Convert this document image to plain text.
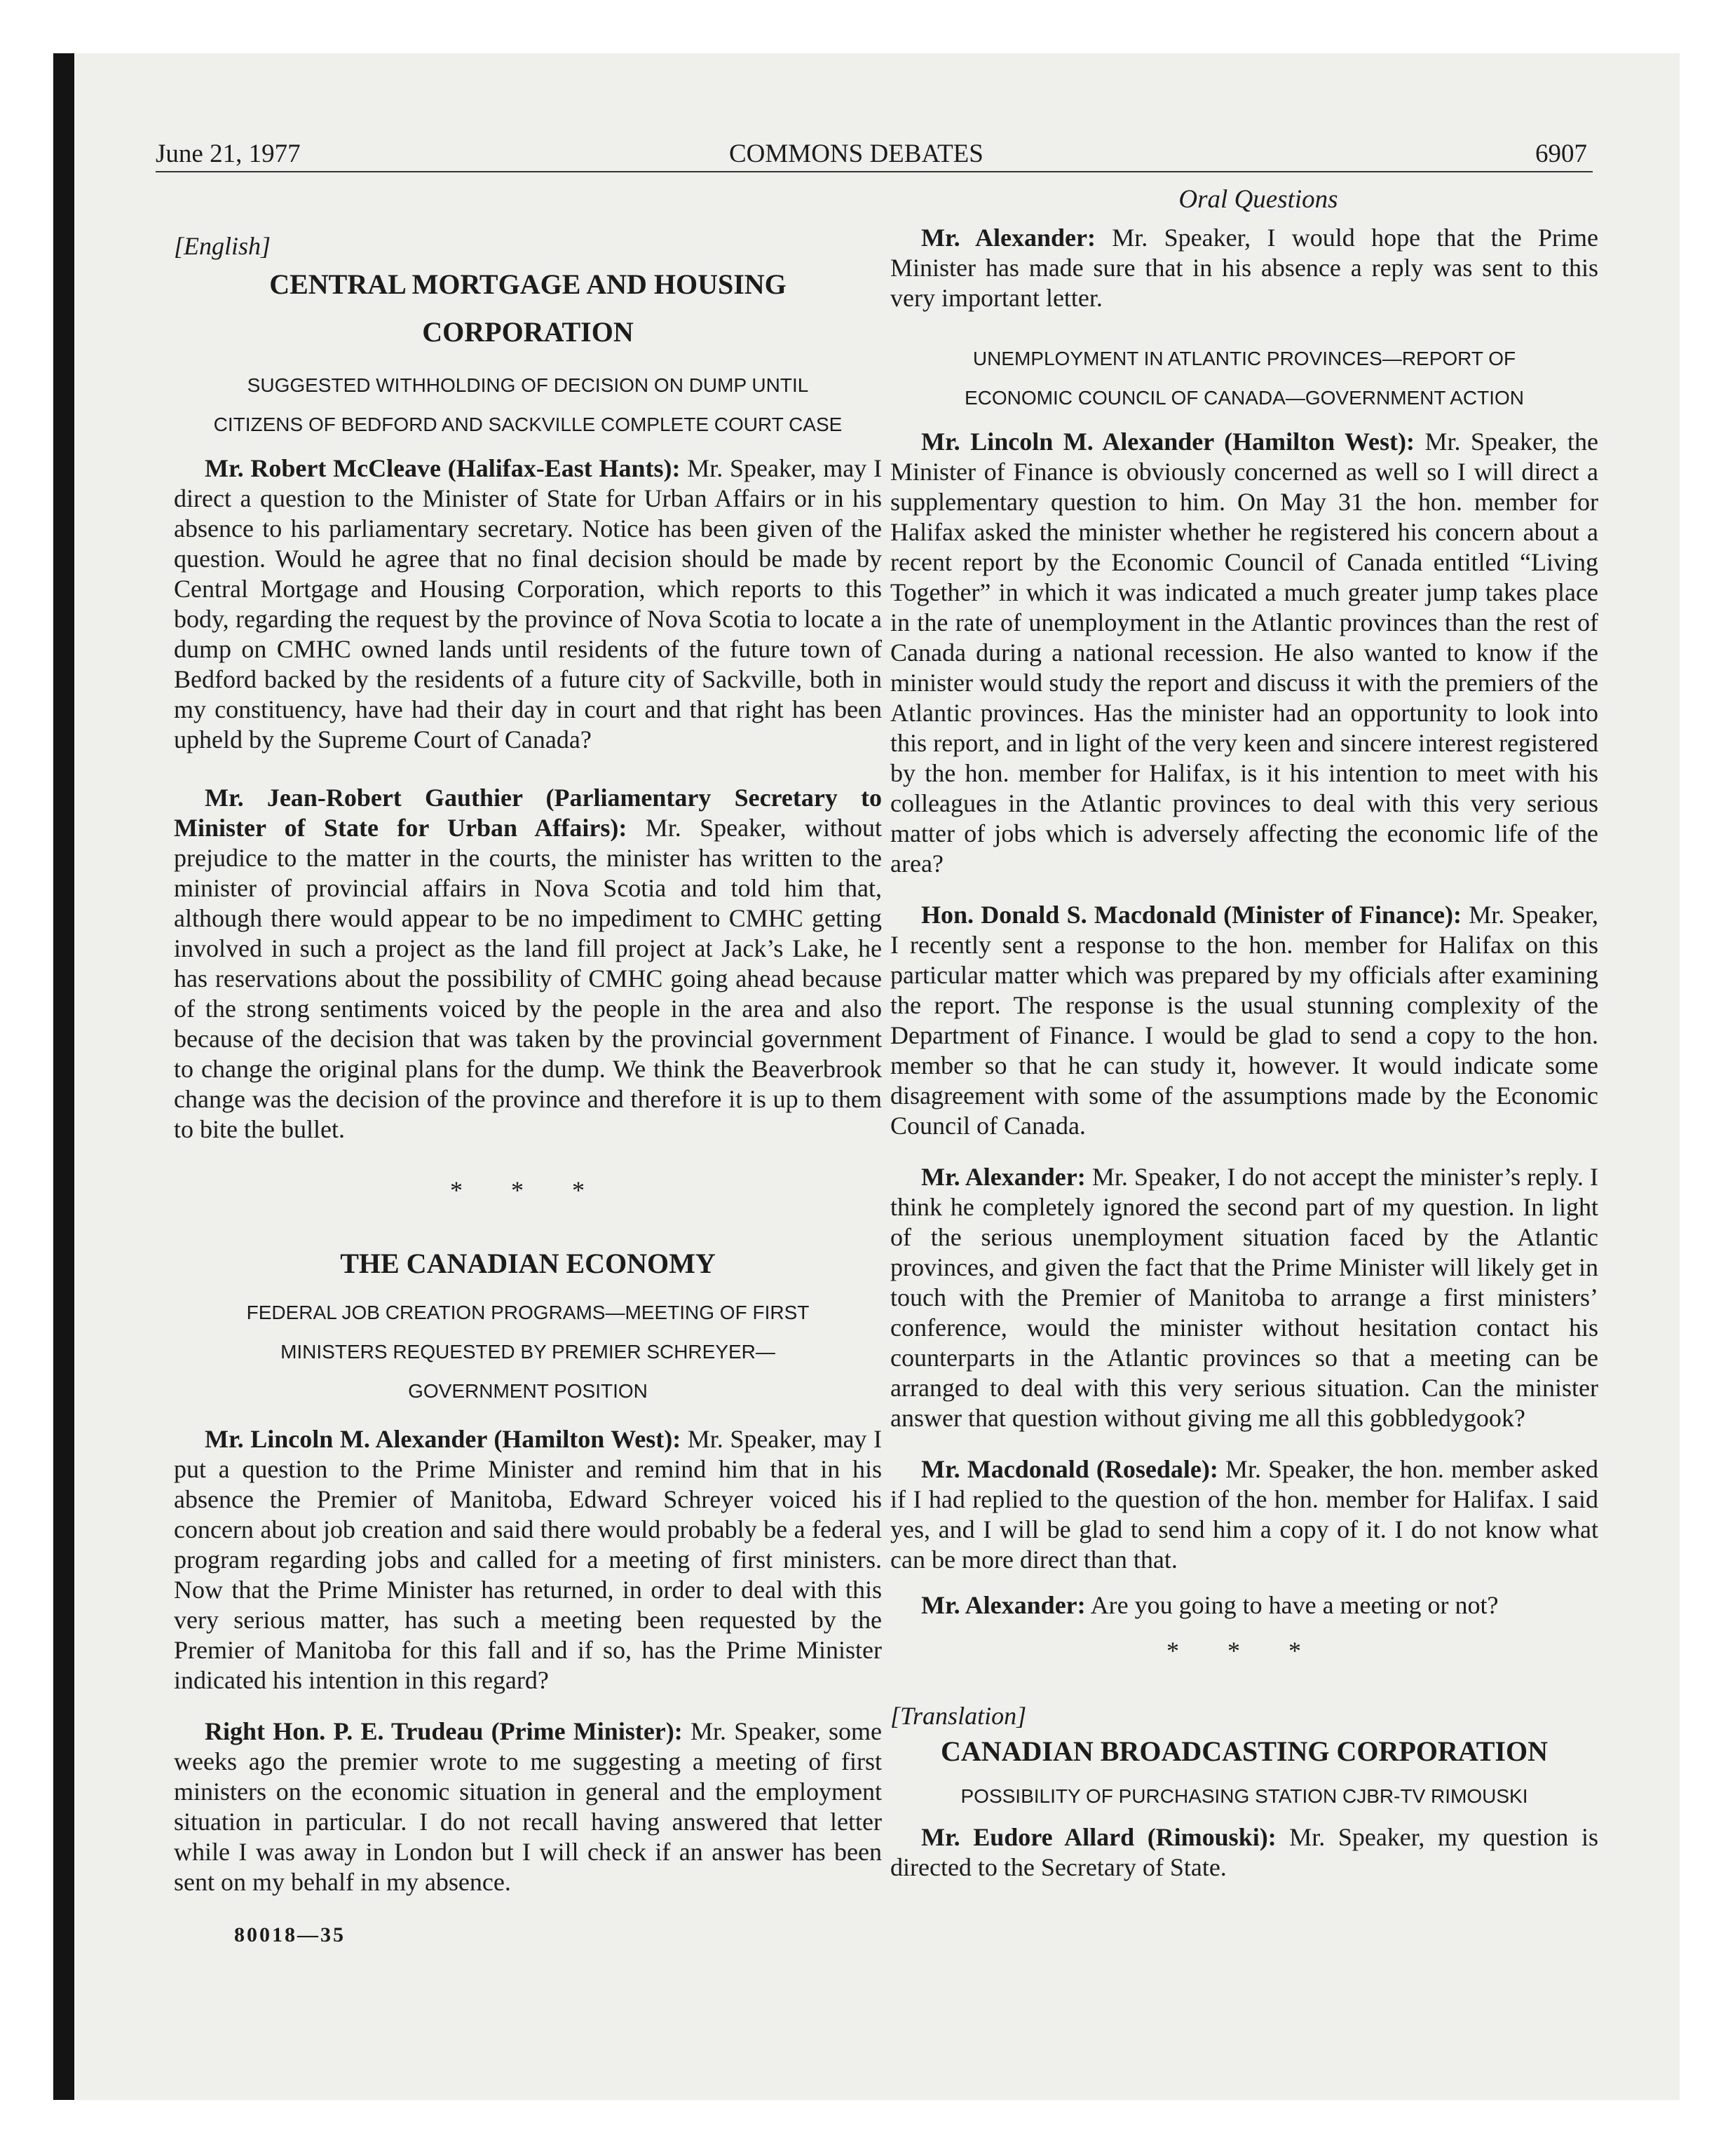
June 21, 1977	COMMONS DEBATES	6907
Oral Questions

[English]

CENTRAL MORTGAGE AND HOUSING

CORPORATION

SUGGESTED WITHHOLDING OF DECISION ON DUMP UNTIL

CITIZENS OF BEDFORD AND SACKVILLE COMPLETE COURT CASE

Mr. Robert McCleave (Halifax-East Hants): Mr. Speaker, may I direct a question to the Minister of State for Urban Affairs or in his absence to his parliamentary secretary. Notice has been given of the question. Would he agree that no final decision should be made by Central Mortgage and Housing Corporation, which reports to this body, regarding the request by the province of Nova Scotia to locate a dump on CMHC owned lands until residents of the future town of Bedford backed by the residents of a future city of Sackville, both in my constituency, have had their day in court and that right has been upheld by the Supreme Court of Canada?

Mr. Jean-Robert Gauthier (Parliamentary Secretary to Minister of State for Urban Affairs): Mr. Speaker, without prejudice to the matter in the courts, the minister has written to the minister of provincial affairs in Nova Scotia and told him that, although there would appear to be no impediment to CMHC getting involved in such a project as the land fill project at Jack’s Lake, he has reservations about the possibility of CMHC going ahead because of the strong sentiments voiced by the people in the area and also because of the decision that was taken by the provincial government to change the original plans for the dump. We think the Beaverbrook change was the decision of the province and therefore it is up to them to bite the bullet.

* * *

THE CANADIAN ECONOMY

FEDERAL JOB CREATION PROGRAMS—MEETING OF FIRST

MINISTERS REQUESTED BY PREMIER SCHREYER—

GOVERNMENT POSITION

Mr. Lincoln M. Alexander (Hamilton West): Mr. Speaker, may I put a question to the Prime Minister and remind him that in his absence the Premier of Manitoba, Edward Schreyer voiced his concern about job creation and said there would probably be a federal program regarding jobs and called for a meeting of first ministers. Now that the Prime Minister has returned, in order to deal with this very serious matter, has such a meeting been requested by the Premier of Manitoba for this fall and if so, has the Prime Minister indicated his intention in this regard?

Right Hon. P. E. Trudeau (Prime Minister): Mr. Speaker, some weeks ago the premier wrote to me suggesting a meeting of first ministers on the economic situation in general and the employment situation in particular. I do not recall having answered that letter while I was away in London but I will check if an answer has been sent on my behalf in my absence.

Mr. Alexander: Mr. Speaker, I would hope that the Prime Minister has made sure that in his absence a reply was sent to this very important letter.

UNEMPLOYMENT IN ATLANTIC PROVINCES—REPORT OF

ECONOMIC COUNCIL OF CANADA—GOVERNMENT ACTION

Mr. Lincoln M. Alexander (Hamilton West): Mr. Speaker, the Minister of Finance is obviously concerned as well so I will direct a supplementary question to him. On May 31 the hon. member for Halifax asked the minister whether he registered his concern about a recent report by the Economic Council of Canada entitled “Living Together” in which it was indicated a much greater jump takes place in the rate of unemployment in the Atlantic provinces than the rest of Canada during a national recession. He also wanted to know if the minister would study the report and discuss it with the premiers of the Atlantic provinces. Has the minister had an opportunity to look into this report, and in light of the very keen and sincere interest registered by the hon. member for Halifax, is it his intention to meet with his colleagues in the Atlantic provinces to deal with this very serious matter of jobs which is adversely affecting the economic life of the area?

Hon. Donald S. Macdonald (Minister of Finance): Mr. Speaker, I recently sent a response to the hon. member for Halifax on this particular matter which was prepared by my officials after examining the report. The response is the usual stunning complexity of the Department of Finance. I would be glad to send a copy to the hon. member so that he can study it, however. It would indicate some disagreement with some of the assumptions made by the Economic Council of Canada.

Mr. Alexander: Mr. Speaker, I do not accept the minister’s reply. I think he completely ignored the second part of my question. In light of the serious unemployment situation faced by the Atlantic provinces, and given the fact that the Prime Minister will likely get in touch with the Premier of Manitoba to arrange a first ministers’ conference, would the minister without hesitation contact his counterparts in the Atlantic provinces so that a meeting can be arranged to deal with this very serious situation. Can the minister answer that question without giving me all this gobbledygook?

Mr. Macdonald (Rosedale): Mr. Speaker, the hon. member asked if I had replied to the question of the hon. member for Halifax. I said yes, and I will be glad to send him a copy of it. I do not know what can be more direct than that.

Mr. Alexander: Are you going to have a meeting or not?

* * *

[Translation]

CANADIAN BROADCASTING CORPORATION

POSSIBILITY OF PURCHASING STATION CJBR-TV RIMOUSKI

Mr. Eudore Allard (Rimouski): Mr. Speaker, my question is directed to the Secretary of State.

80018—35
